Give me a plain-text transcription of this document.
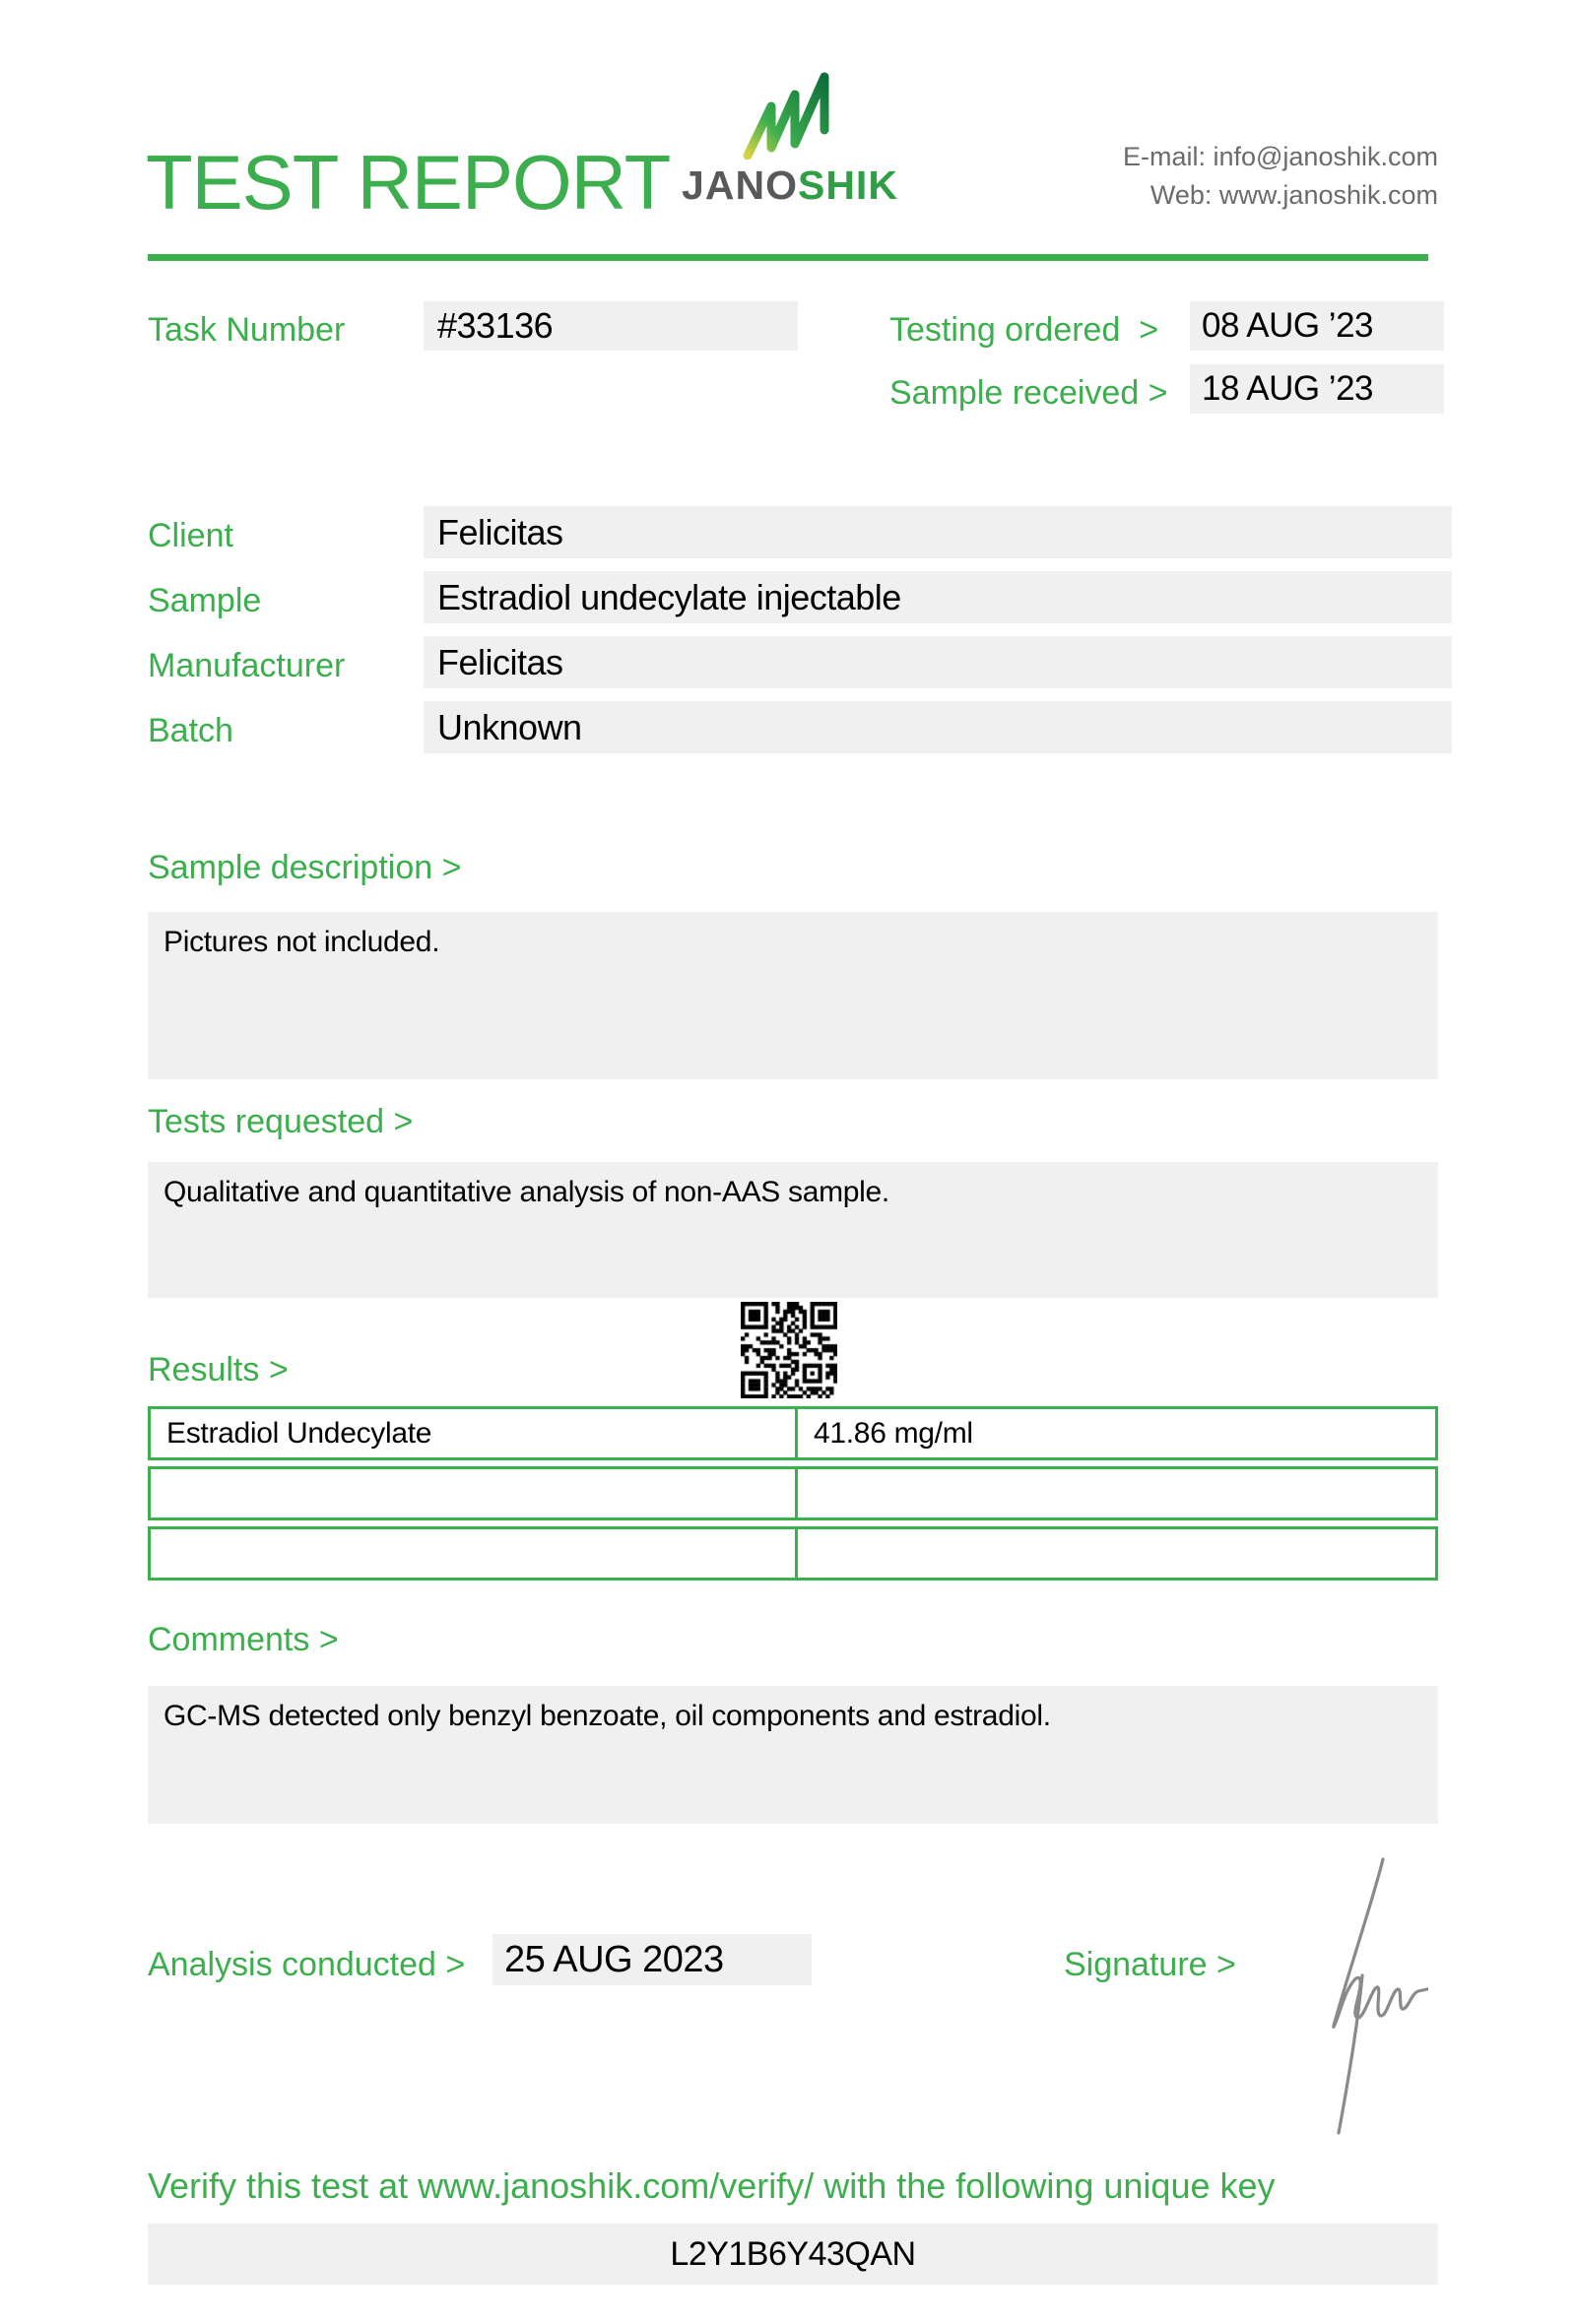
TEST REPORT JANOSHIK
E-mail: info@janoshik.com
Web: www.janoshik.com
Task Number	#33136	Testing ordered  >	08 AUG ’23
Sample received > 18 AUG ’23
Client	Felicitas
Sample	Estradiol undecylate injectable
Manufacturer	Felicitas
Batch	Unknown
Sample description >
Pictures not included.
Tests requested >
Qualitative and quantitative analysis of non-AAS sample.
Results >
Estradiol Undecylate	41.86 mg/ml
Comments >
GC-MS detected only benzyl benzoate, oil components and estradiol.
Analysis conducted >	25 AUG 2023	Signature >
Verify this test at www.janoshik.com/verify/ with the following unique key
L2Y1B6Y43QAN
